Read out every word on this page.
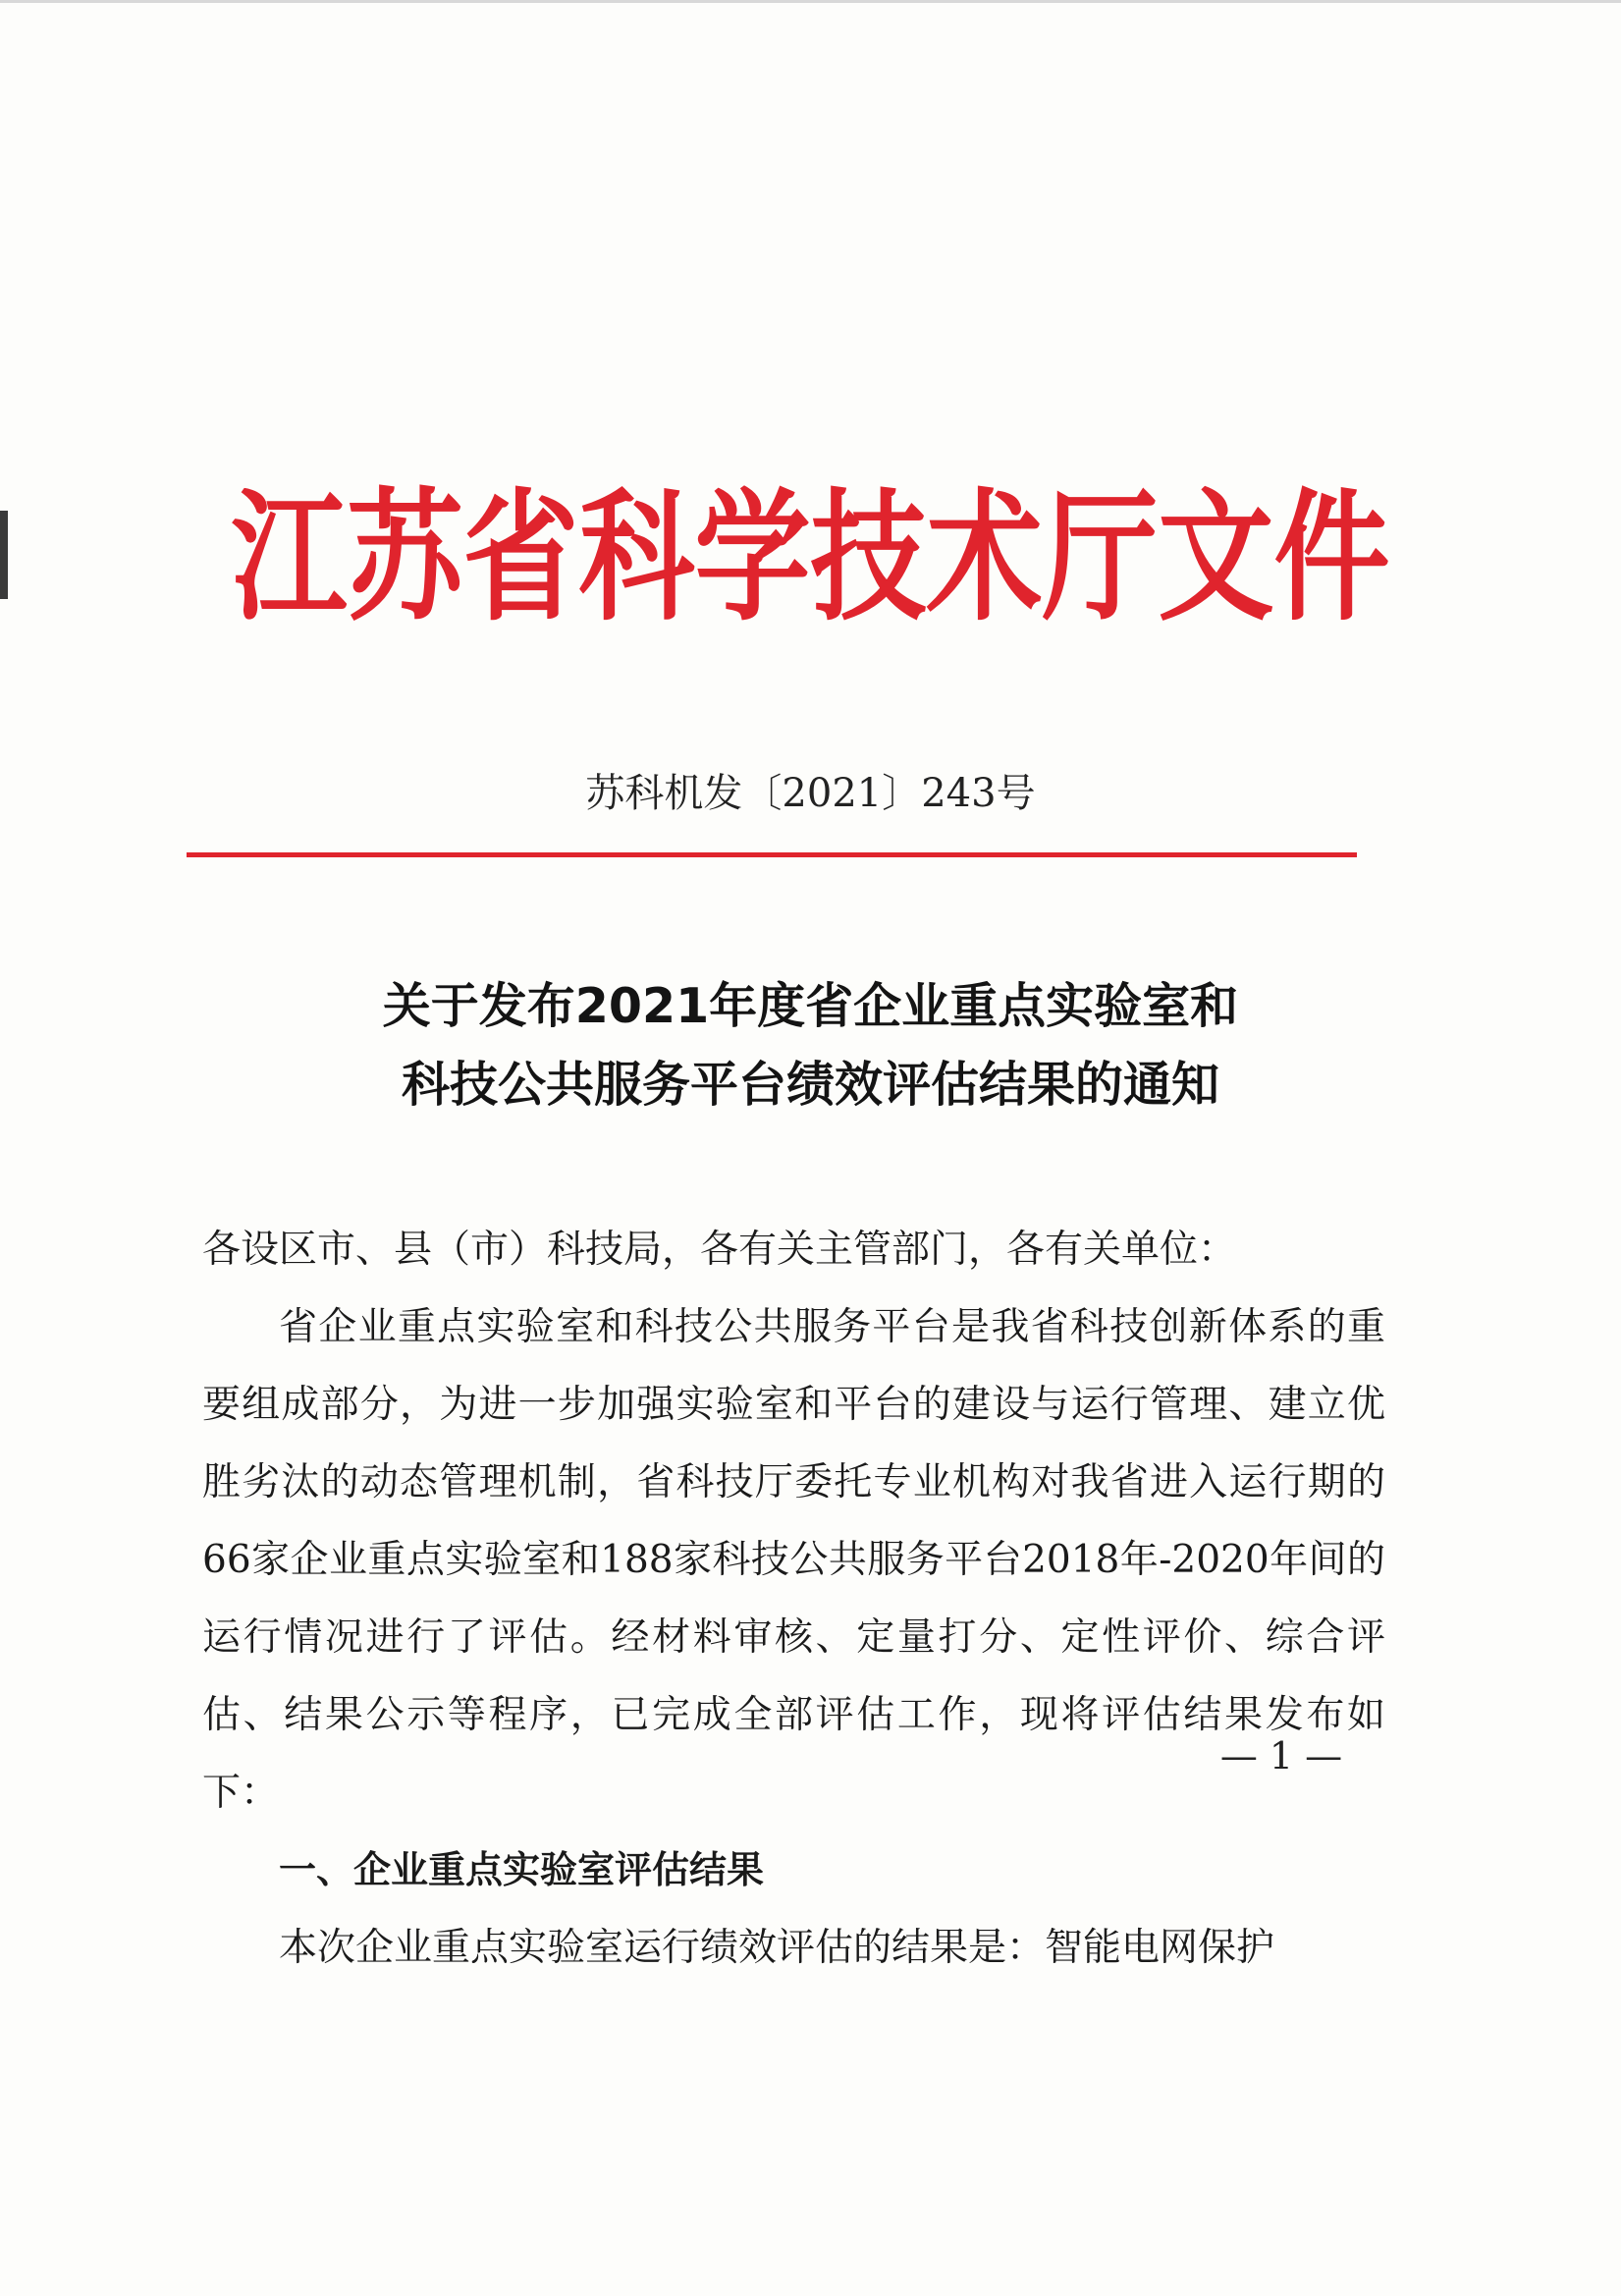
江苏省科学技术厅文件
苏科机发〔2021〕243号
关于发布2021年度省企业重点实验室和
科技公共服务平台绩效评估结果的通知

各设区市、县（市）科技局，各有关主管部门，各有关单位：

省企业重点实验室和科技公共服务平台是我省科技创新体系的重要组成部分，为进一步加强实验室和平台的建设与运行管理、建立优胜劣汰的动态管理机制，省科技厅委托专业机构对我省进入运行期的66家企业重点实验室和188家科技公共服务平台2018年-2020年间的运行情况进行了评估。经材料审核、定量打分、定性评价、综合评估、结果公示等程序，已完成全部评估工作，现将评估结果发布如下：

一、企业重点实验室评估结果

本次企业重点实验室运行绩效评估的结果是：智能电网保护

— 1 —
